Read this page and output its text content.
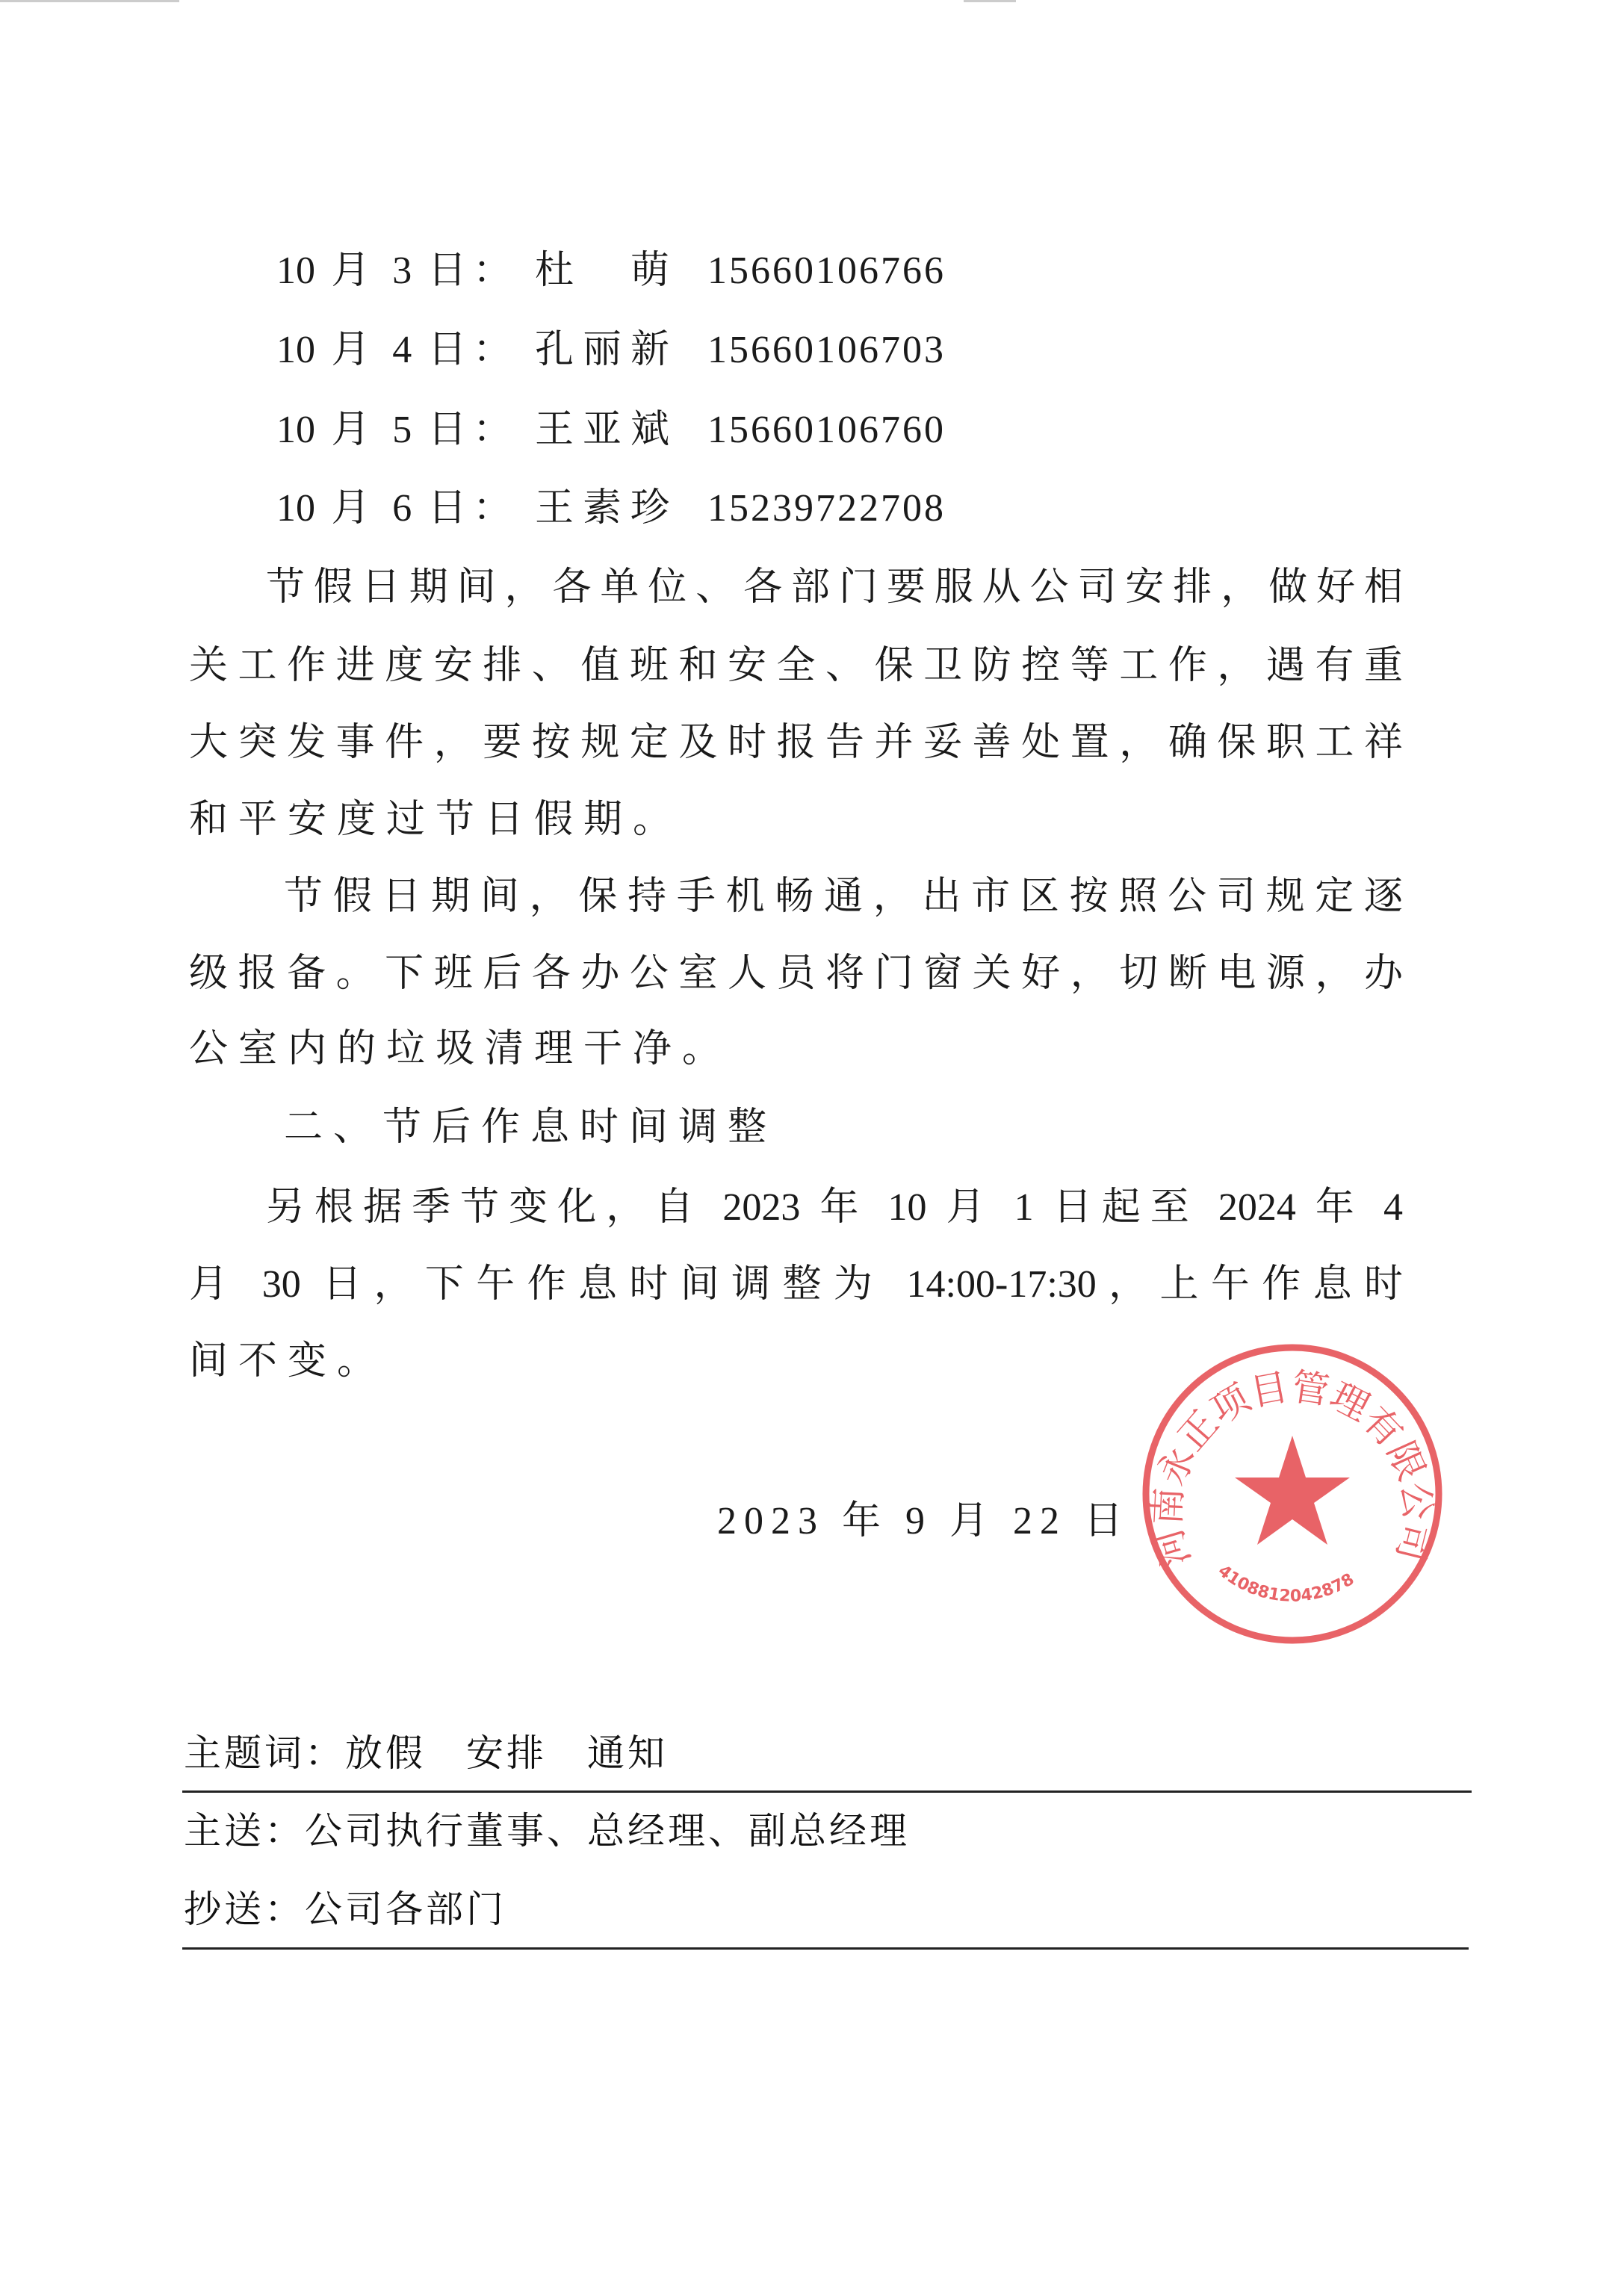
10 月 3 日： 杜 萌 15660106766
10 月 4 日： 孔丽新 15660106703
10 月 5 日： 王亚斌 15660106760
10 月 6 日： 王素珍 15239722708
节假日期间，各单位、各部门要服从公司安排，做好相
关工作进度安排、值班和安全、保卫防控等工作，遇有重
大突发事件，要按规定及时报告并妥善处置，确保职工祥
和平安度过节日假期。
节假日期间，保持手机畅通，出市区按照公司规定逐
级报备。下班后各办公室人员将门窗关好，切断电源，办
公室内的垃圾清理干净。
二、节后作息时间调整
另根据季节变化，自 2023 年 10 月 1 日起至 2024 年 4
月 30 日，下午作息时间调整为 14:00-17:30，上午作息时
间不变。
河南永正项目管理有限公司
4108812042878
2023 年 9 月 22 日
主题词：放假　安排　通知
主送：公司执行董事、总经理、副总经理
抄送：公司各部门
